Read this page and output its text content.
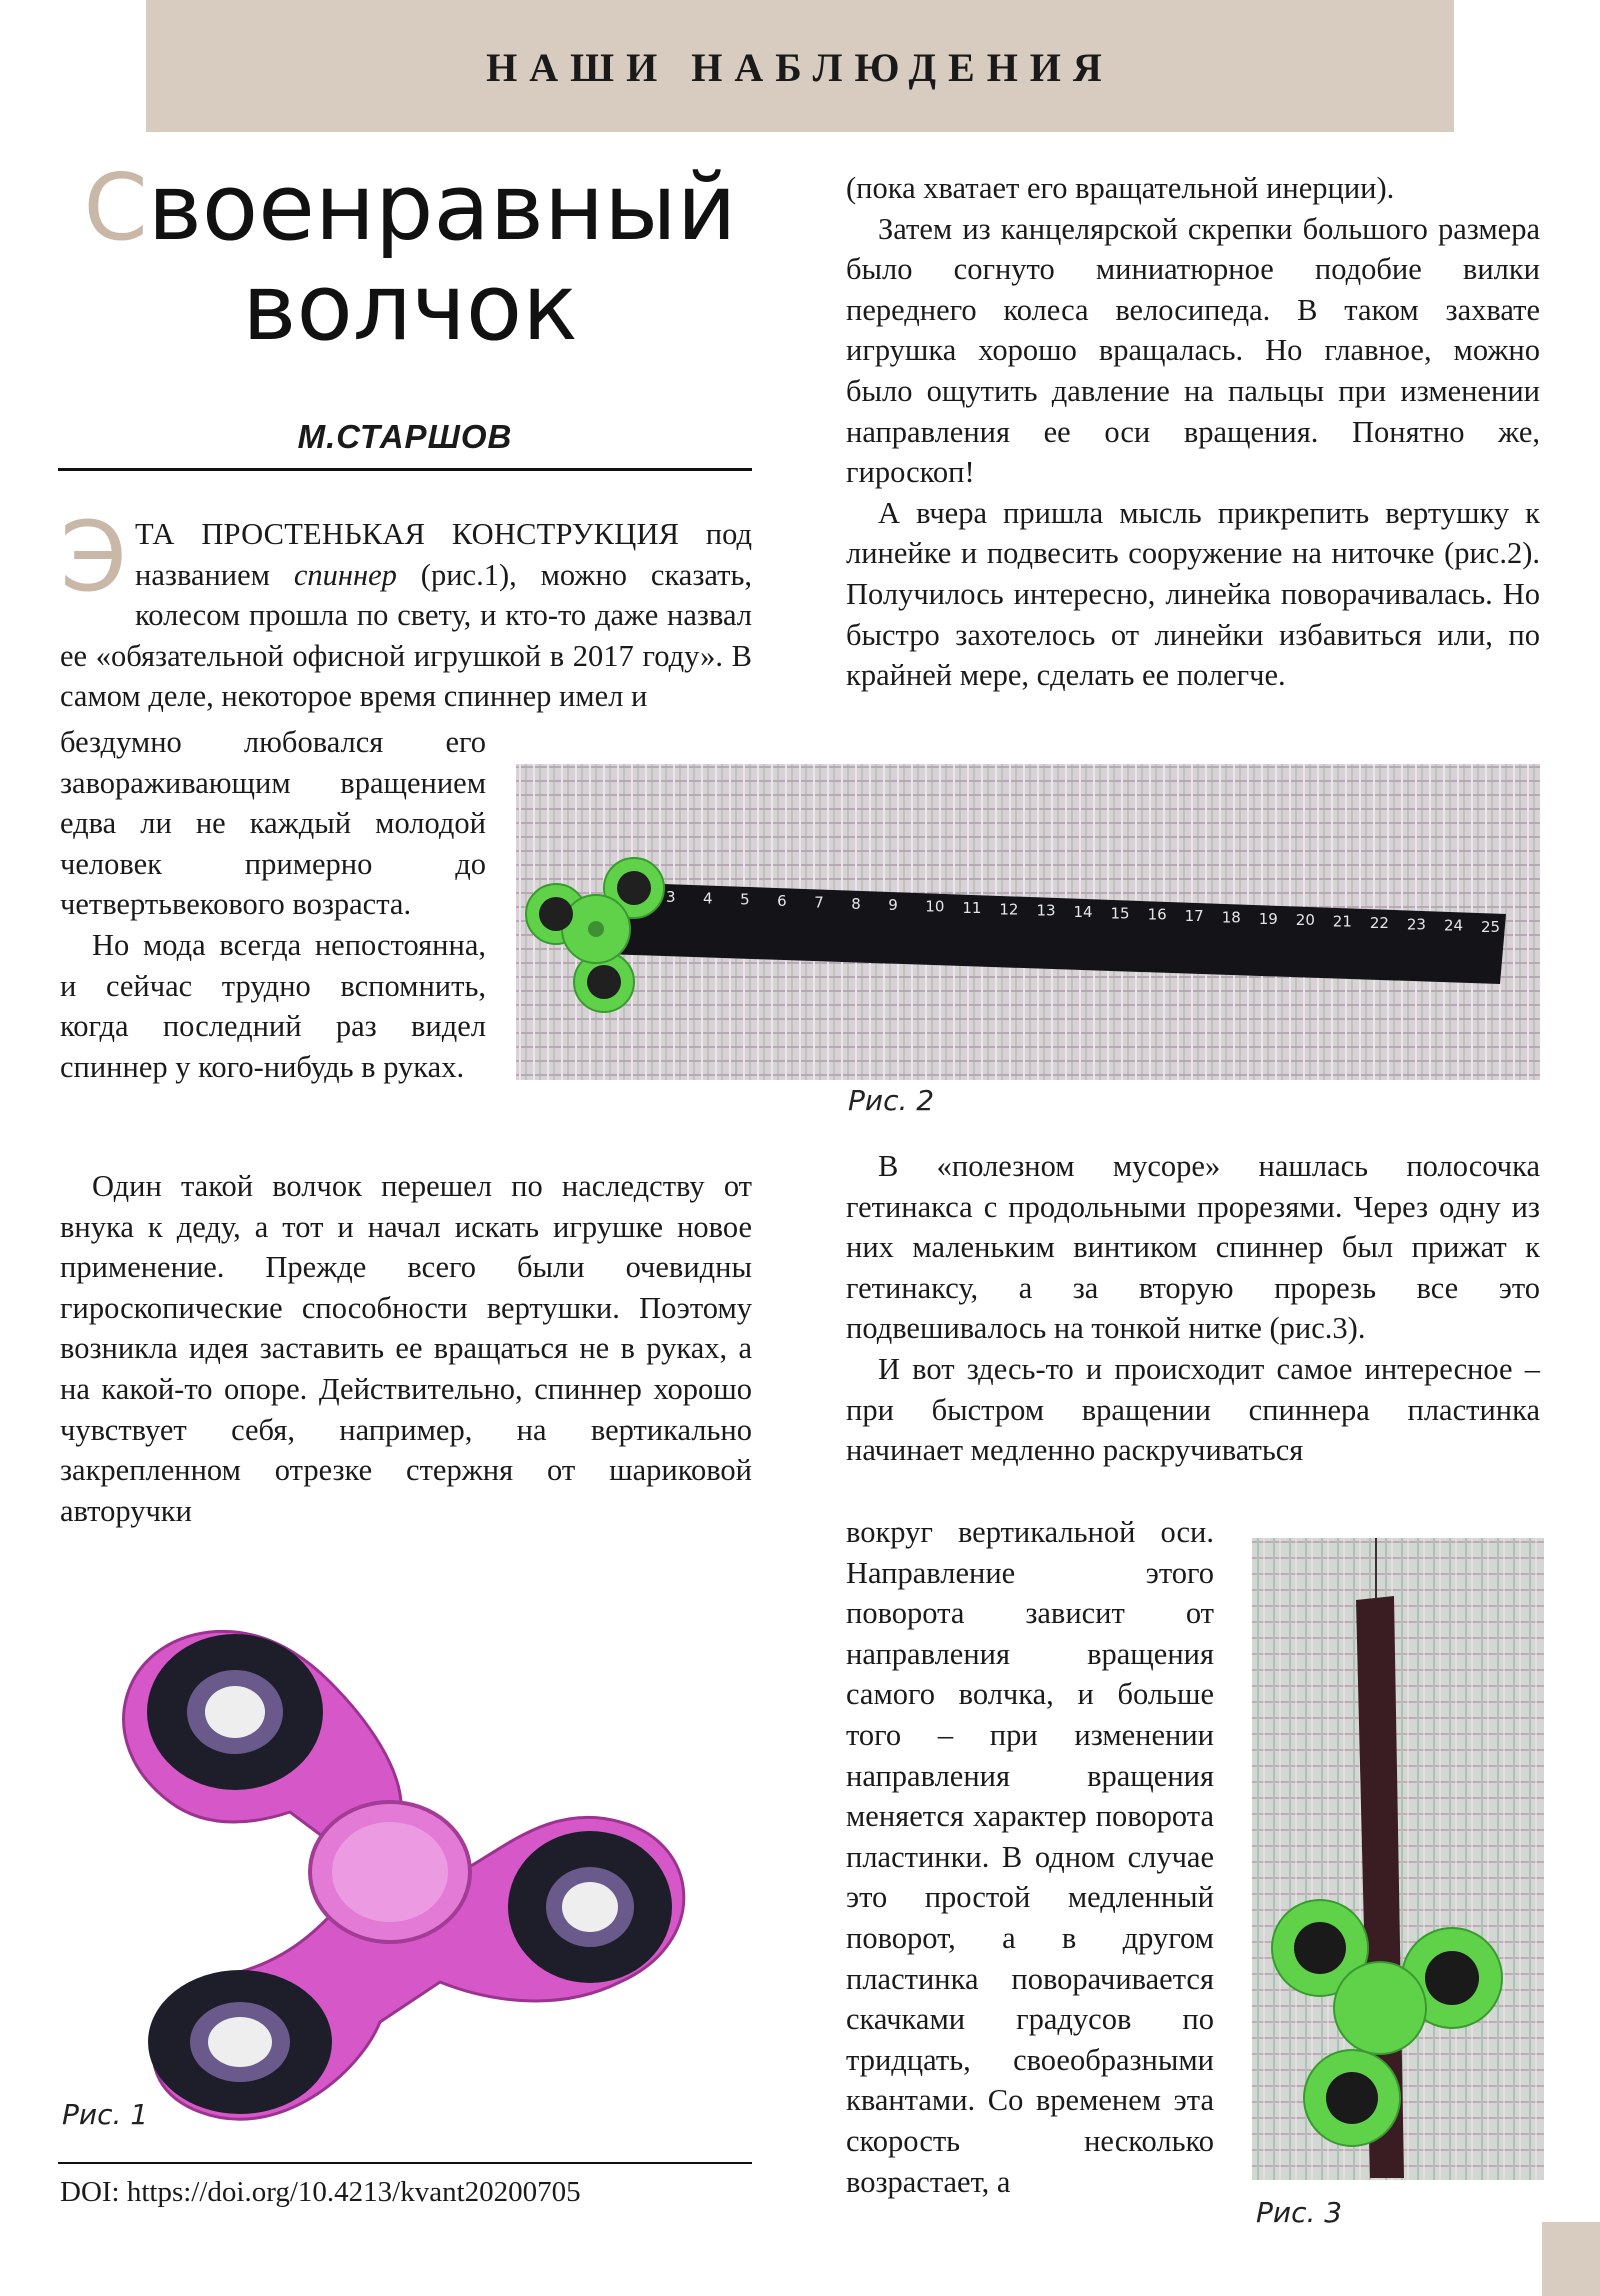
НАШИ НАБЛЮДЕНИЯ
Своенравный
волчок
М.СТАРШОВ

ЭТА ПРОСТЕНЬКАЯ КОНСТРУКЦИЯ под названием спиннер (рис.1), можно сказать, колесом прошла по свету, и кто-то даже назвал ее «обязательной офисной игрушкой в 2017 году». В самом деле, некоторое время спиннер имел и

бездумно любовался его завораживающим вращением едва ли не каждый молодой человек примерно до четвертьвекового возраста.

Но мода всегда непостоянна, и сейчас трудно вспомнить, когда последний раз видел спиннер у кого-нибудь в руках.

Один такой волчок перешел по наследству от внука к деду, а тот и начал искать игрушке новое применение. Прежде всего были очевидны гироскопические способности вертушки. Поэтому возникла идея заставить ее вращаться не в руках, а на какой-то опоре. Действительно, спиннер хорошо чувствует себя, например, на вертикально закрепленном отрезке стержня от шариковой авторучки

(пока хватает его вращательной инерции).

Затем из канцелярской скрепки большого размера было согнуто миниатюрное подобие вилки переднего колеса велосипеда. В таком захвате игрушка хорошо вращалась. Но главное, можно было ощутить давление на пальцы при изменении направления ее оси вращения. Понятно же, гироскоп!

А вчера пришла мысль прикрепить вертушку к линейке и подвесить сооружение на ниточке (рис.2). Получилось интересно, линейка поворачивалась. Но быстро захотелось от линейки избавиться или, по крайней мере, сделать ее полегче.

В «полезном мусоре» нашлась полосочка гетинакса с продольными прорезями. Через одну из них маленьким винтиком спиннер был прижат к гетинаксу, а за вторую прорезь все это подвешивалось на тонкой нитке (рис.3).

И вот здесь-то и происходит самое интересное – при быстром вращении спиннера пластинка начинает медленно раскручиваться

вокруг вертикальной оси. Направление этого поворота зависит от направления вращения самого волчка, и больше того – при изменении направления вращения меняется характер поворота пластинки. В одном случае это простой медленный поворот, а в другом пластинка поворачивается скачками градусов по тридцать, своеобразными квантами. Со временем эта скорость несколько возрастает, а

3 4 5 6 7 8 9 10 11 12 13 14 15 16 17 18 19 20 21 22 23 24 25
Рис. 2
Рис. 1
Рис. 3
DOI: https://doi.org/10.4213/kvant20200705
